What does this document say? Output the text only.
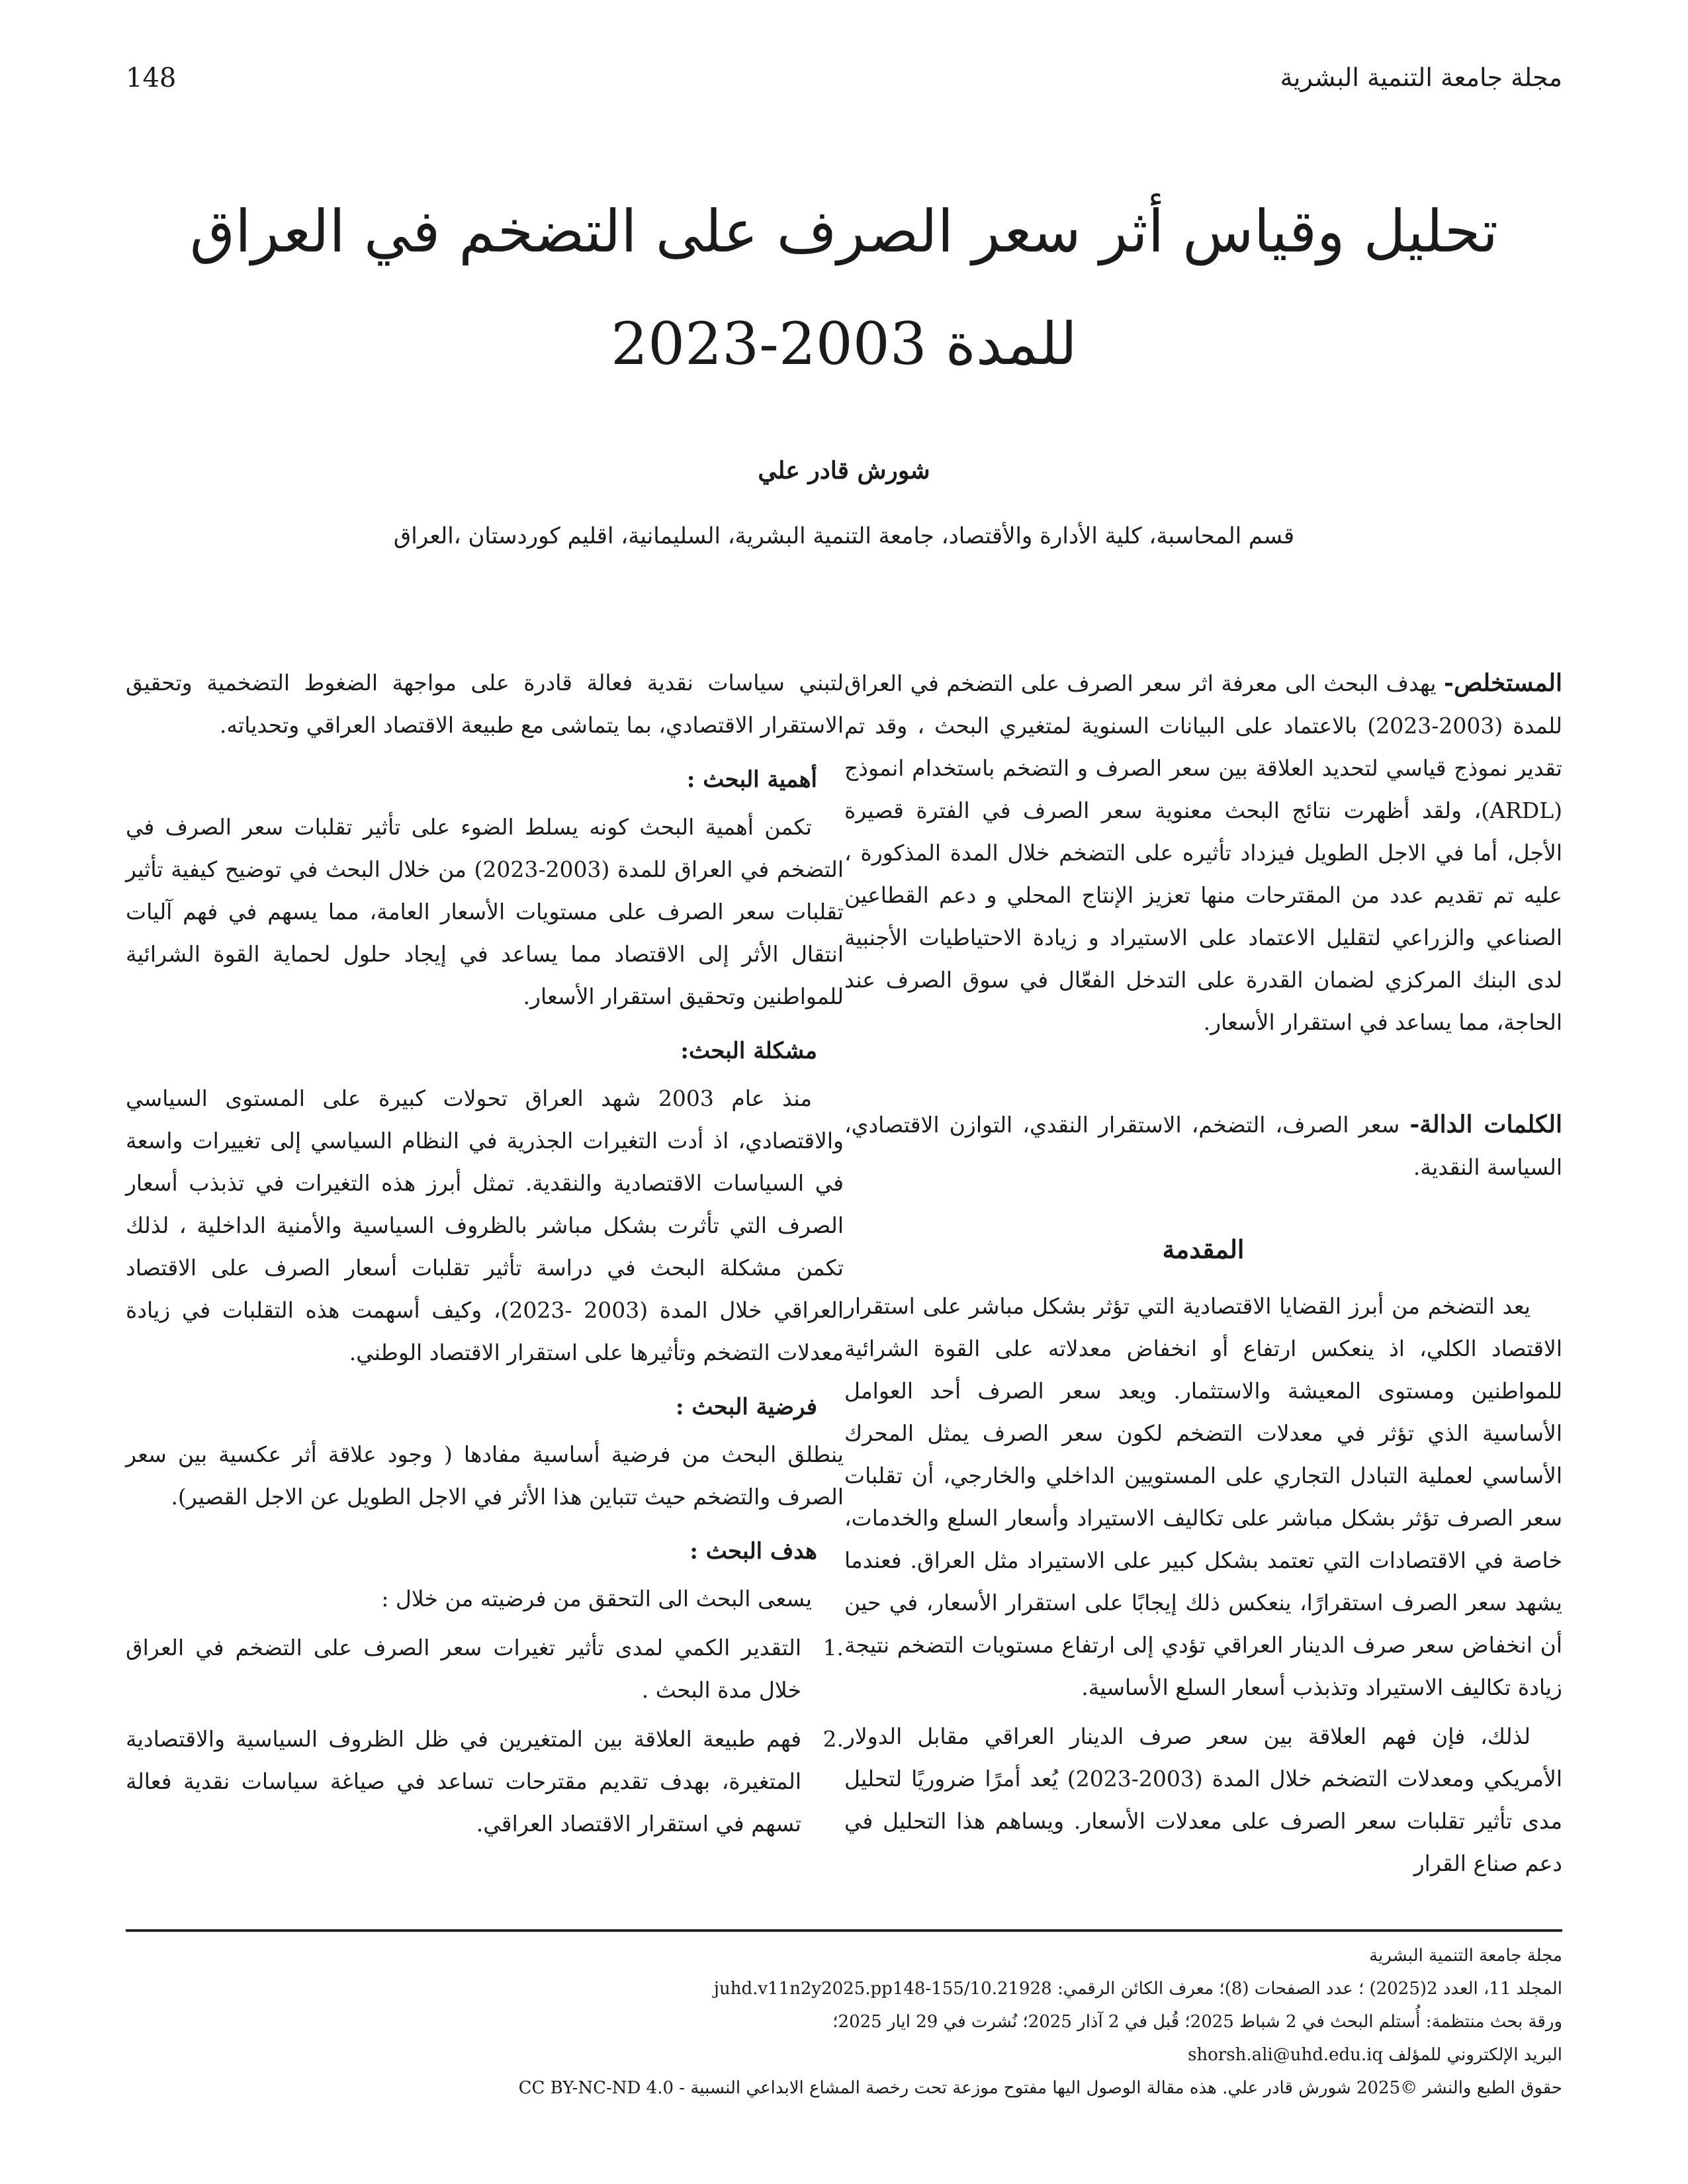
مجلة جامعة التنمية البشرية
148
تحليل وقياس أثر سعر الصرف على التضخم في العراق
للمدة 2003-2023
شورش قادر علي
قسم المحاسبة، كلية الأدارة والأقتصاد، جامعة التنمية البشرية، السليمانية، اقليم كوردستان ،العراق

المستخلص- يهدف البحث الى معرفة اثر سعر الصرف على التضخم في العراق للمدة (2003-2023) بالاعتماد على البيانات السنوية لمتغيري البحث ، وقد تم تقدير نموذج قياسي لتحديد العلاقة بين سعر الصرف و التضخم باستخدام انموذج (ARDL)، ولقد أظهرت نتائج البحث معنوية سعر الصرف في الفترة قصيرة الأجل، أما في الاجل الطويل فيزداد تأثيره على التضخم خلال المدة المذكورة ، عليه تم تقديم عدد من المقترحات منها تعزيز الإنتاج المحلي و دعم القطاعين الصناعي والزراعي لتقليل الاعتماد على الاستيراد و زيادة الاحتياطيات الأجنبية لدى البنك المركزي لضمان القدرة على التدخل الفعّال في سوق الصرف عند الحاجة، مما يساعد في استقرار الأسعار.

الكلمات الدالة- سعر الصرف، التضخم، الاستقرار النقدي، التوازن الاقتصادي، السياسة النقدية.

المقدمة

يعد التضخم من أبرز القضايا الاقتصادية التي تؤثر بشكل مباشر على استقرار الاقتصاد الكلي، اذ ينعكس ارتفاع أو انخفاض معدلاته على القوة الشرائية للمواطنين ومستوى المعيشة والاستثمار. ويعد سعر الصرف أحد العوامل الأساسية الذي تؤثر في معدلات التضخم لكون سعر الصرف يمثل المحرك الأساسي لعملية التبادل التجاري على المستويين الداخلي والخارجي، أن تقلبات سعر الصرف تؤثر بشكل مباشر على تكاليف الاستيراد وأسعار السلع والخدمات، خاصة في الاقتصادات التي تعتمد بشكل كبير على الاستيراد مثل العراق. فعندما يشهد سعر الصرف استقرارًا، ينعكس ذلك إيجابًا على استقرار الأسعار، في حين أن انخفاض سعر صرف الدينار العراقي تؤدي إلى ارتفاع مستويات التضخم نتيجة زيادة تكاليف الاستيراد وتذبذب أسعار السلع الأساسية.

لذلك، فإن فهم العلاقة بين سعر صرف الدينار العراقي مقابل الدولار الأمريكي ومعدلات التضخم خلال المدة (2003-2023) يُعد أمرًا ضروريًا لتحليل مدى تأثير تقلبات سعر الصرف على معدلات الأسعار. ويساهم هذا التحليل في دعم صناع القرار

لتبني سياسات نقدية فعالة قادرة على مواجهة الضغوط التضخمية وتحقيق الاستقرار الاقتصادي، بما يتماشى مع طبيعة الاقتصاد العراقي وتحدياته.

أهمية البحث :

تكمن أهمية البحث كونه يسلط الضوء على تأثير تقلبات سعر الصرف في التضخم في العراق للمدة (2003-2023) من خلال البحث في توضيح كيفية تأثير تقلبات سعر الصرف على مستويات الأسعار العامة، مما يسهم في فهم آليات انتقال الأثر إلى الاقتصاد مما يساعد في إيجاد حلول لحماية القوة الشرائية للمواطنين وتحقيق استقرار الأسعار.

مشكلة البحث:

منذ عام 2003 شهد العراق تحولات كبيرة على المستوى السياسي والاقتصادي، اذ أدت التغيرات الجذرية في النظام السياسي إلى تغييرات واسعة في السياسات الاقتصادية والنقدية. تمثل أبرز هذه التغيرات في تذبذب أسعار الصرف التي تأثرت بشكل مباشر بالظروف السياسية والأمنية الداخلية ، لذلك تكمن مشكلة البحث في دراسة تأثير تقلبات أسعار الصرف على الاقتصاد العراقي خلال المدة (2003 -2023)، وكيف أسهمت هذه التقلبات في زيادة معدلات التضخم وتأثيرها على استقرار الاقتصاد الوطني.

فرضية البحث :

ينطلق البحث من فرضية أساسية مفادها ( وجود علاقة أثر عكسية بين سعر الصرف والتضخم حيث تتباين هذا الأثر في الاجل الطويل عن الاجل القصير).

هدف البحث :

يسعى البحث الى التحقق من فرضيته من خلال :

1.
التقدير الكمي لمدى تأثير تغيرات سعر الصرف على التضخم في العراق خلال مدة البحث .
2.
فهم طبيعة العلاقة بين المتغيرين في ظل الظروف السياسية والاقتصادية المتغيرة، بهدف تقديم مقترحات تساعد في صياغة سياسات نقدية فعالة تسهم في استقرار الاقتصاد العراقي.
مجلة جامعة التنمية البشرية
المجلد 11، العدد 2(2025) ؛ عدد الصفحات (8)؛ معرف الكائن الرقمي: 10.21928/juhd.v11n2y2025.pp148-155
ورقة بحث منتظمة: أُستلم البحث في 2 شباط 2025؛ قُبل في 2 آذار 2025؛ نُشرت في 29 ايار 2025؛
البريد الإلكتروني للمؤلف shorsh.ali@uhd.edu.iq
حقوق الطبع والنشر ©2025 شورش قادر علي. هذه مقالة الوصول اليها مفتوح موزعة تحت رخصة المشاع الابداعي النسبية - CC BY-NC-ND 4.0
